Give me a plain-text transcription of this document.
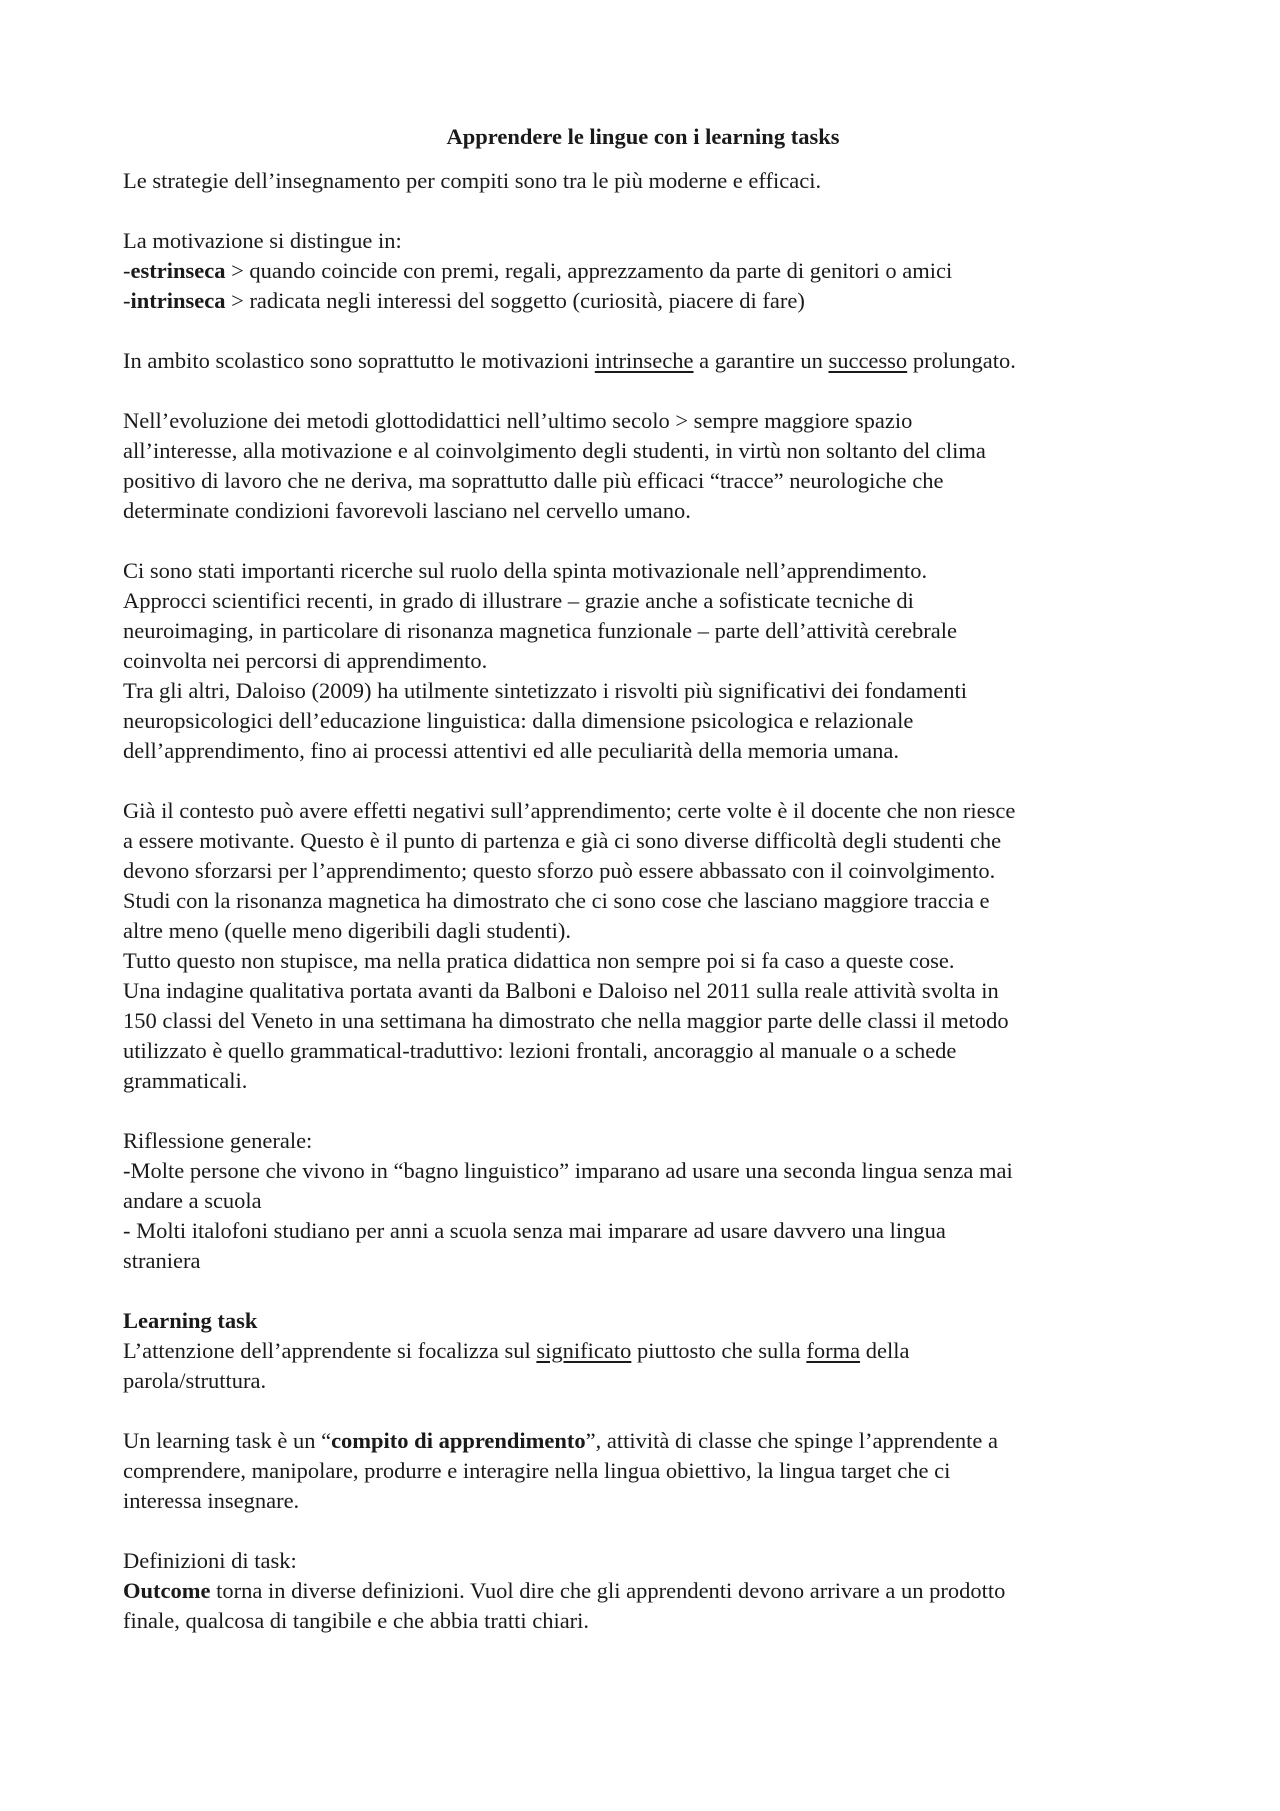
Apprendere le lingue con i learning tasks
Le strategie dell’insegnamento per compiti sono tra le più moderne e efficaci.
La motivazione si distingue in:
-estrinseca > quando coincide con premi, regali, apprezzamento da parte di genitori o amici
-intrinseca > radicata negli interessi del soggetto (curiosità, piacere di fare)
In ambito scolastico sono soprattutto le motivazioni intrinseche a garantire un successo prolungato.
Nell’evoluzione dei metodi glottodidattici nell’ultimo secolo > sempre maggiore spazio
all’interesse, alla motivazione e al coinvolgimento degli studenti, in virtù non soltanto del clima
positivo di lavoro che ne deriva, ma soprattutto dalle più efficaci “tracce” neurologiche che
determinate condizioni favorevoli lasciano nel cervello umano.
Ci sono stati importanti ricerche sul ruolo della spinta motivazionale nell’apprendimento.
Approcci scientifici recenti, in grado di illustrare – grazie anche a sofisticate tecniche di
neuroimaging, in particolare di risonanza magnetica funzionale – parte dell’attività cerebrale
coinvolta nei percorsi di apprendimento.
Tra gli altri, Daloiso (2009) ha utilmente sintetizzato i risvolti più significativi dei fondamenti
neuropsicologici dell’educazione linguistica: dalla dimensione psicologica e relazionale
dell’apprendimento, fino ai processi attentivi ed alle peculiarità della memoria umana.
Già il contesto può avere effetti negativi sull’apprendimento; certe volte è il docente che non riesce
a essere motivante. Questo è il punto di partenza e già ci sono diverse difficoltà degli studenti che
devono sforzarsi per l’apprendimento; questo sforzo può essere abbassato con il coinvolgimento.
Studi con la risonanza magnetica ha dimostrato che ci sono cose che lasciano maggiore traccia e
altre meno (quelle meno digeribili dagli studenti).
Tutto questo non stupisce, ma nella pratica didattica non sempre poi si fa caso a queste cose.
Una indagine qualitativa portata avanti da Balboni e Daloiso nel 2011 sulla reale attività svolta in
150 classi del Veneto in una settimana ha dimostrato che nella maggior parte delle classi il metodo
utilizzato è quello grammatical-traduttivo: lezioni frontali, ancoraggio al manuale o a schede
grammaticali.
Riflessione generale:
-Molte persone che vivono in “bagno linguistico” imparano ad usare una seconda lingua senza mai
andare a scuola
- Molti italofoni studiano per anni a scuola senza mai imparare ad usare davvero una lingua
straniera
Learning task
L’attenzione dell’apprendente si focalizza sul significato piuttosto che sulla forma della
parola/struttura.
Un learning task è un “compito di apprendimento”, attività di classe che spinge l’apprendente a
comprendere, manipolare, produrre e interagire nella lingua obiettivo, la lingua target che ci
interessa insegnare.
Definizioni di task:
Outcome torna in diverse definizioni. Vuol dire che gli apprendenti devono arrivare a un prodotto
finale, qualcosa di tangibile e che abbia tratti chiari.
